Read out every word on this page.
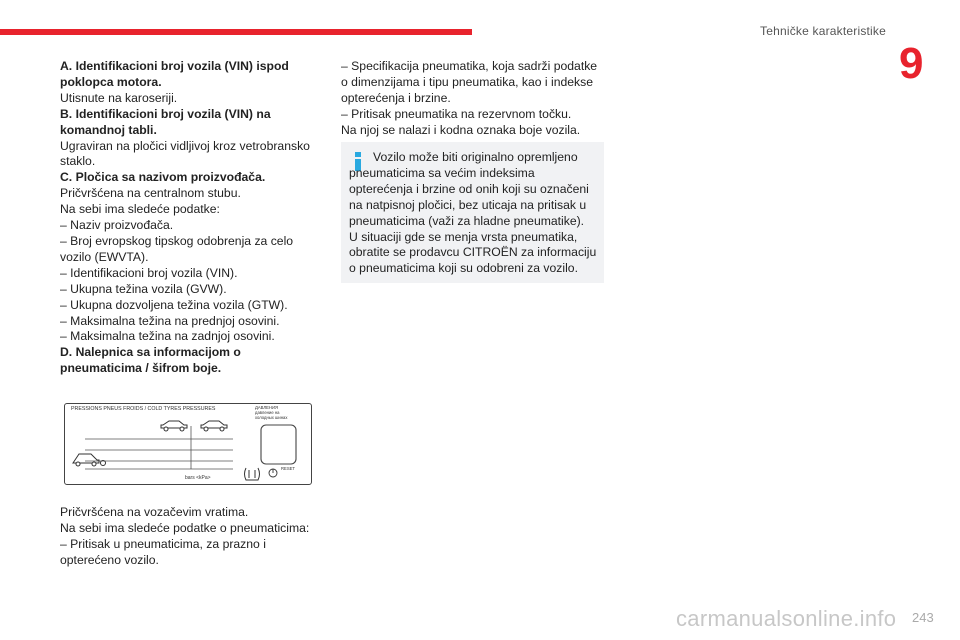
Tehničke karakteristike
9

A. Identifikacioni broj vozila (VIN) ispod poklopca motora.

Utisnute na karoseriji.

B. Identifikacioni broj vozila (VIN) na komandnoj tabli.

Ugraviran na pločici vidljivoj kroz vetrobransko staklo.

C. Pločica sa nazivom proizvođača.

Pričvršćena na centralnom stubu.

Na sebi ima sledeće podatke:

– Naziv proizvođača.

– Broj evropskog tipskog odobrenja za celo vozilo (EWVTA).

– Identifikacioni broj vozila (VIN).

– Ukupna težina vozila (GVW).

– Ukupna dozvoljena težina vozila (GTW).

– Maksimalna težina na prednjoj osovini.

– Maksimalna težina na zadnjoj osovini.

D. Nalepnica sa informacijom o pneumaticima / šifrom boje.

PRESSIONS PNEUS FROIDS / COLD TYRES PRESSURES	ДАВЛЕНИЯ
давление на
холодных шинах
bars <kPa>
RESET

Pričvršćena na vozačevim vratima.

Na sebi ima sledeće podatke o pneumaticima:

– Pritisak u pneumaticima, za prazno i opterećeno vozilo.

– Specifikacija pneumatika, koja sadrži podatke o dimenzijama i tipu pneumatika, kao i indekse opterećenja i brzine.

– Pritisak pneumatika na rezervnom točku.

Na njoj se nalazi i kodna oznaka boje vozila.

Vozilo može biti originalno opremljeno pneumaticima sa većim indeksima opterećenja i brzine od onih koji su označeni na natpisnoj pločici, bez uticaja na pritisak u pneumaticima (važi za hladne pneumatike).
U situaciji gde se menja vrsta pneumatika, obratite se prodavcu CITROËN za informaciju o pneumaticima koji su odobreni za vozilo.
243
carmanualsonline.info
